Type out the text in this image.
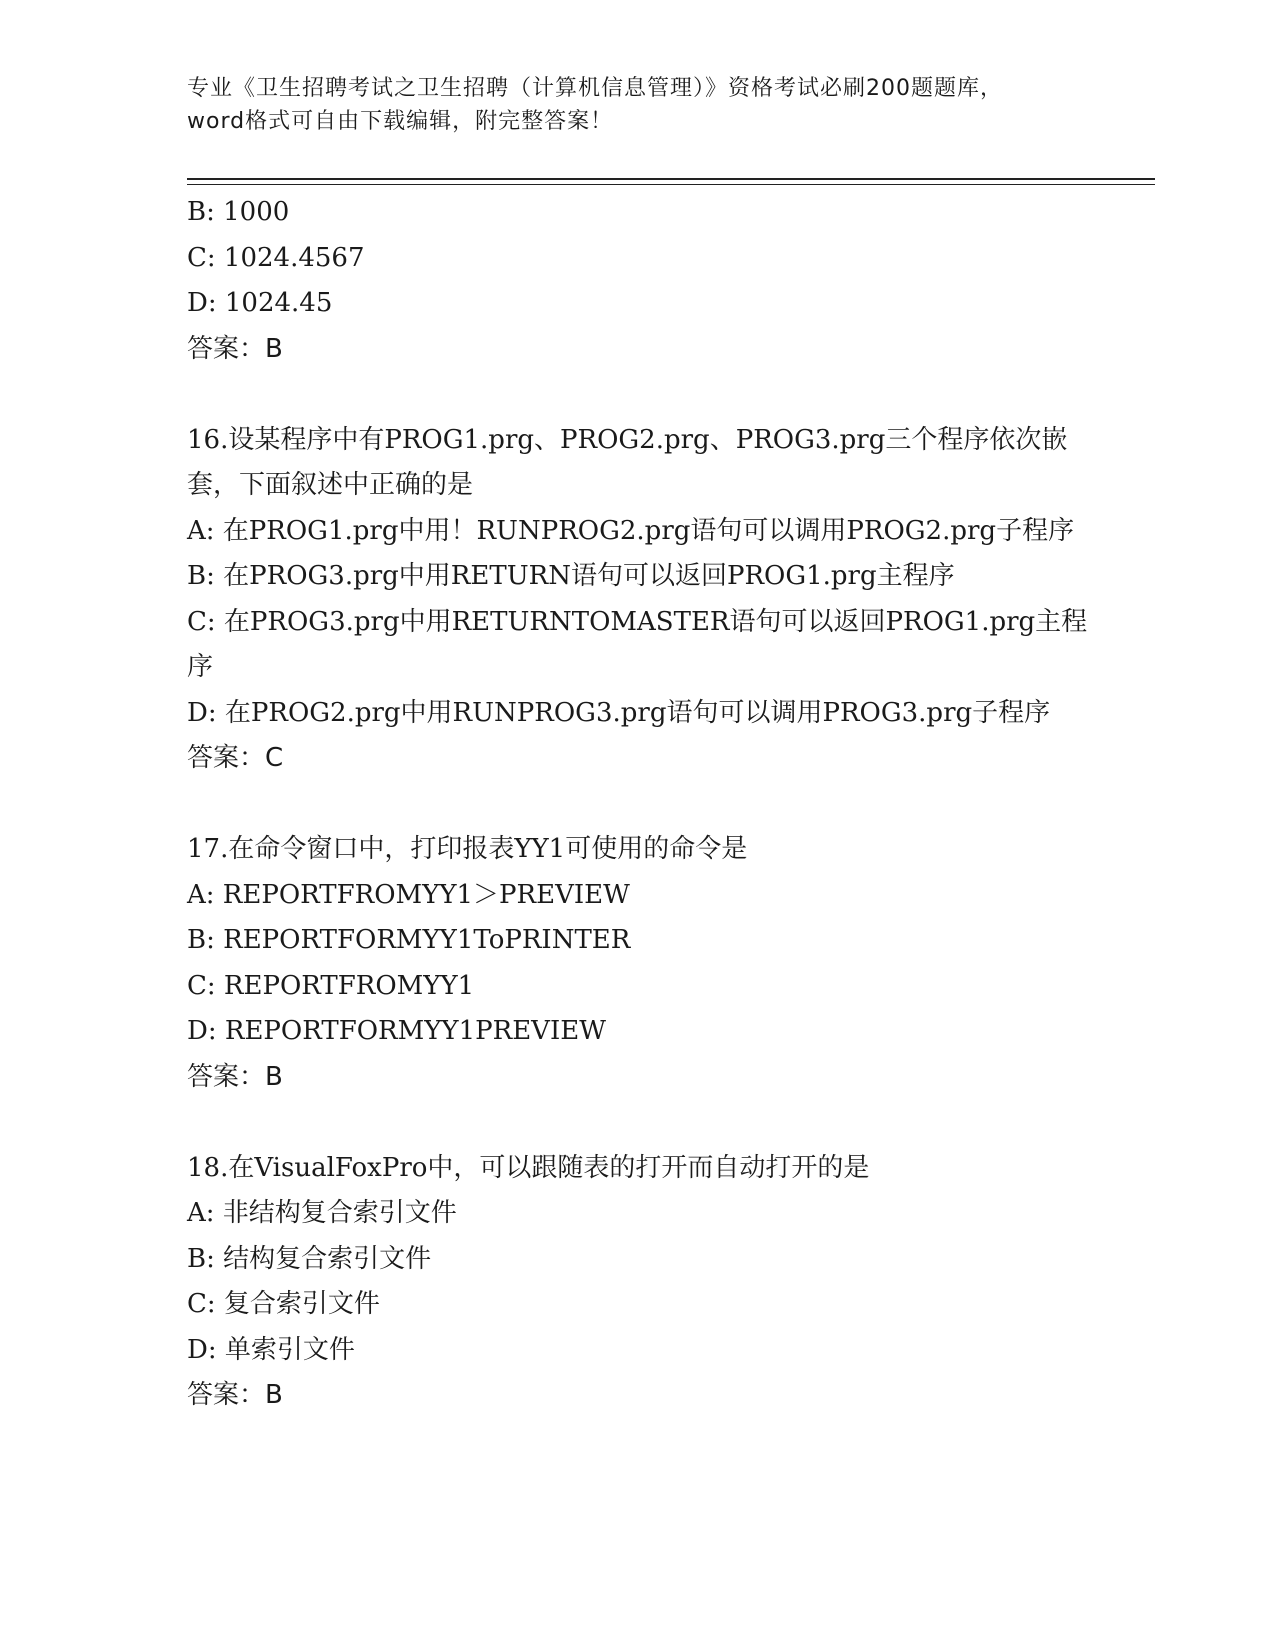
专业《卫生招聘考试之卫生招聘（计算机信息管理）》资格考试必刷200题题库，
word格式可自由下载编辑，附完整答案！
B: 1000
C: 1024.4567
D: 1024.45
答案：B
16.设某程序中有PROG1.prg、PROG2.prg、PROG3.prg三个程序依次嵌
套，下面叙述中正确的是
A: 在PROG1.prg中用！RUNPROG2.prg语句可以调用PROG2.prg子程序
B: 在PROG3.prg中用RETURN语句可以返回PROG1.prg主程序
C: 在PROG3.prg中用RETURNTOMASTER语句可以返回PROG1.prg主程
序
D: 在PROG2.prg中用RUNPROG3.prg语句可以调用PROG3.prg子程序
答案：C
17.在命令窗口中，打印报表YY1可使用的命令是
A: REPORTFROMYY1＞PREVIEW
B: REPORTFORMYY1ToPRINTER
C: REPORTFROMYY1
D: REPORTFORMYY1PREVIEW
答案：B
18.在VisualFoxPro中，可以跟随表的打开而自动打开的是
A: 非结构复合索引文件
B: 结构复合索引文件
C: 复合索引文件
D: 单索引文件
答案：B
